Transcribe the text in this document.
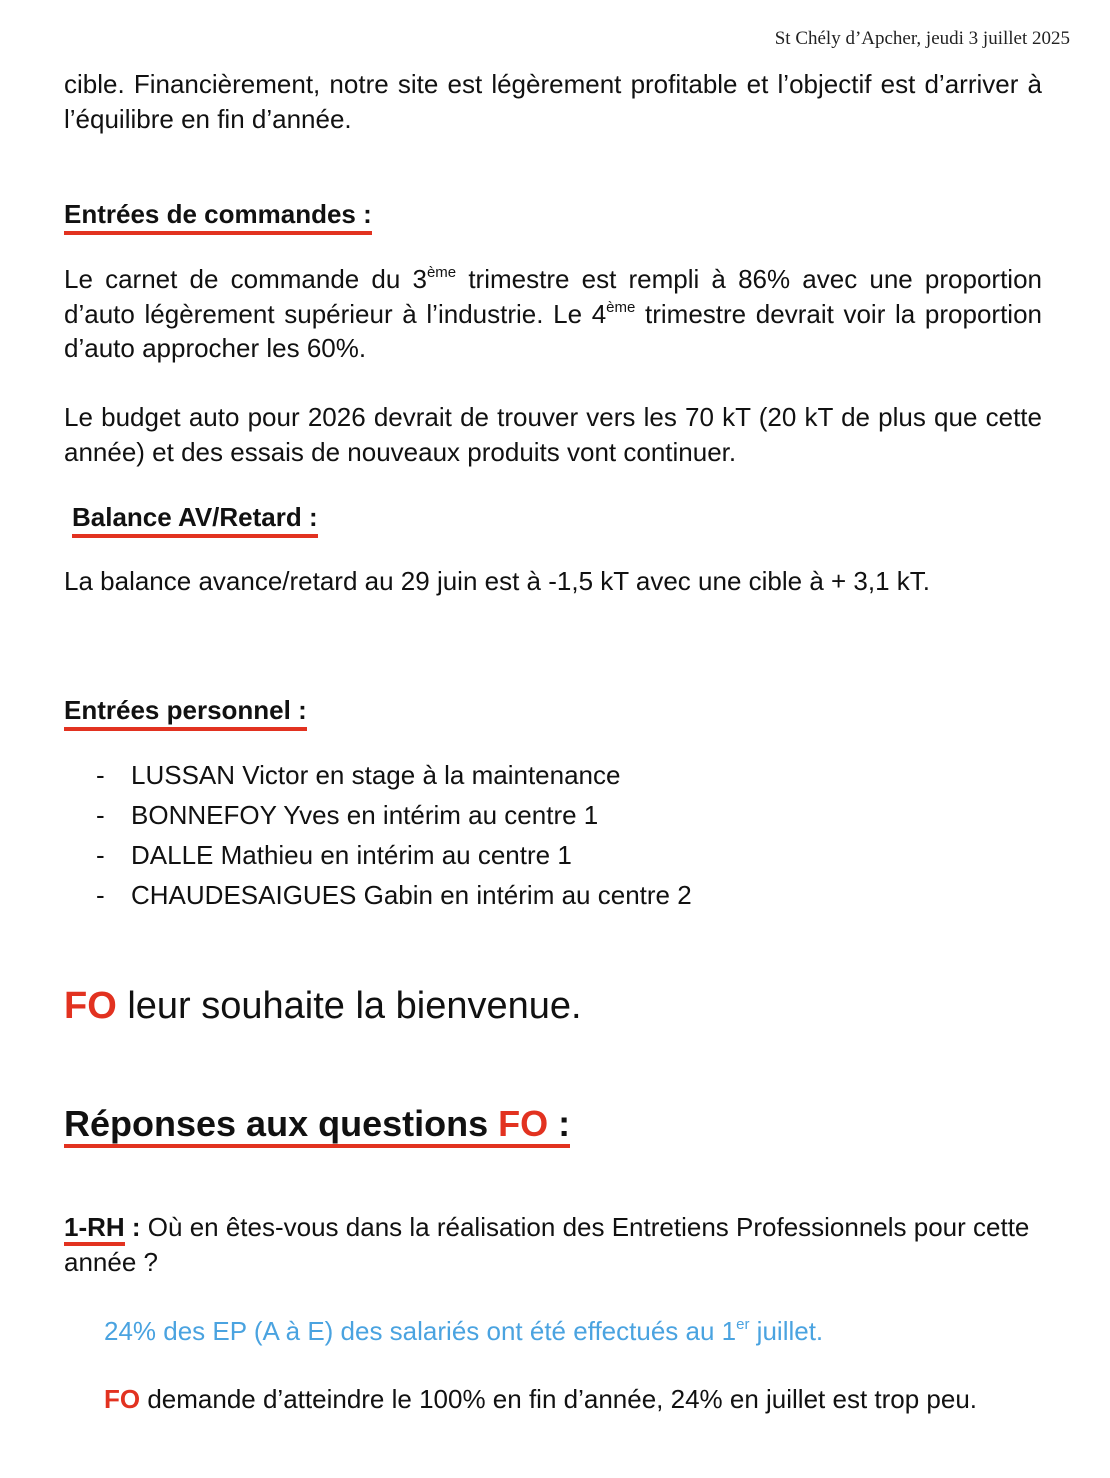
St Chély d’Apcher, jeudi 3 juillet 2025

cible. Financièrement, notre site est légèrement profitable et l’objectif est d’arriver à l’équilibre en fin d’année.

Entrées de commandes :

Le carnet de commande du 3ème trimestre est rempli à 86% avec une proportion d’auto légèrement supérieur à l’industrie. Le 4ème trimestre devrait voir la proportion d’auto approcher les 60%.

Le budget auto pour 2026 devrait de trouver vers les 70 kT (20 kT de plus que cette année) et des essais de nouveaux produits vont continuer.

Balance AV/Retard :

La balance avance/retard au 29 juin est à -1,5 kT avec une cible à + 3,1 kT.

Entrées personnel :
-	LUSSAN Victor en stage à la maintenance
-	BONNEFOY Yves en intérim au centre 1
-	DALLE Mathieu en intérim au centre 1
-	CHAUDESAIGUES Gabin en intérim au centre 2
FO leur souhaite la bienvenue.
Réponses aux questions FO :

1-RH : Où en êtes-vous dans la réalisation des Entretiens Professionnels pour cette année ?

24% des EP (A à E) des salariés ont été effectués au 1er juillet.

FO demande d’atteindre le 100% en fin d’année, 24% en juillet est trop peu.
